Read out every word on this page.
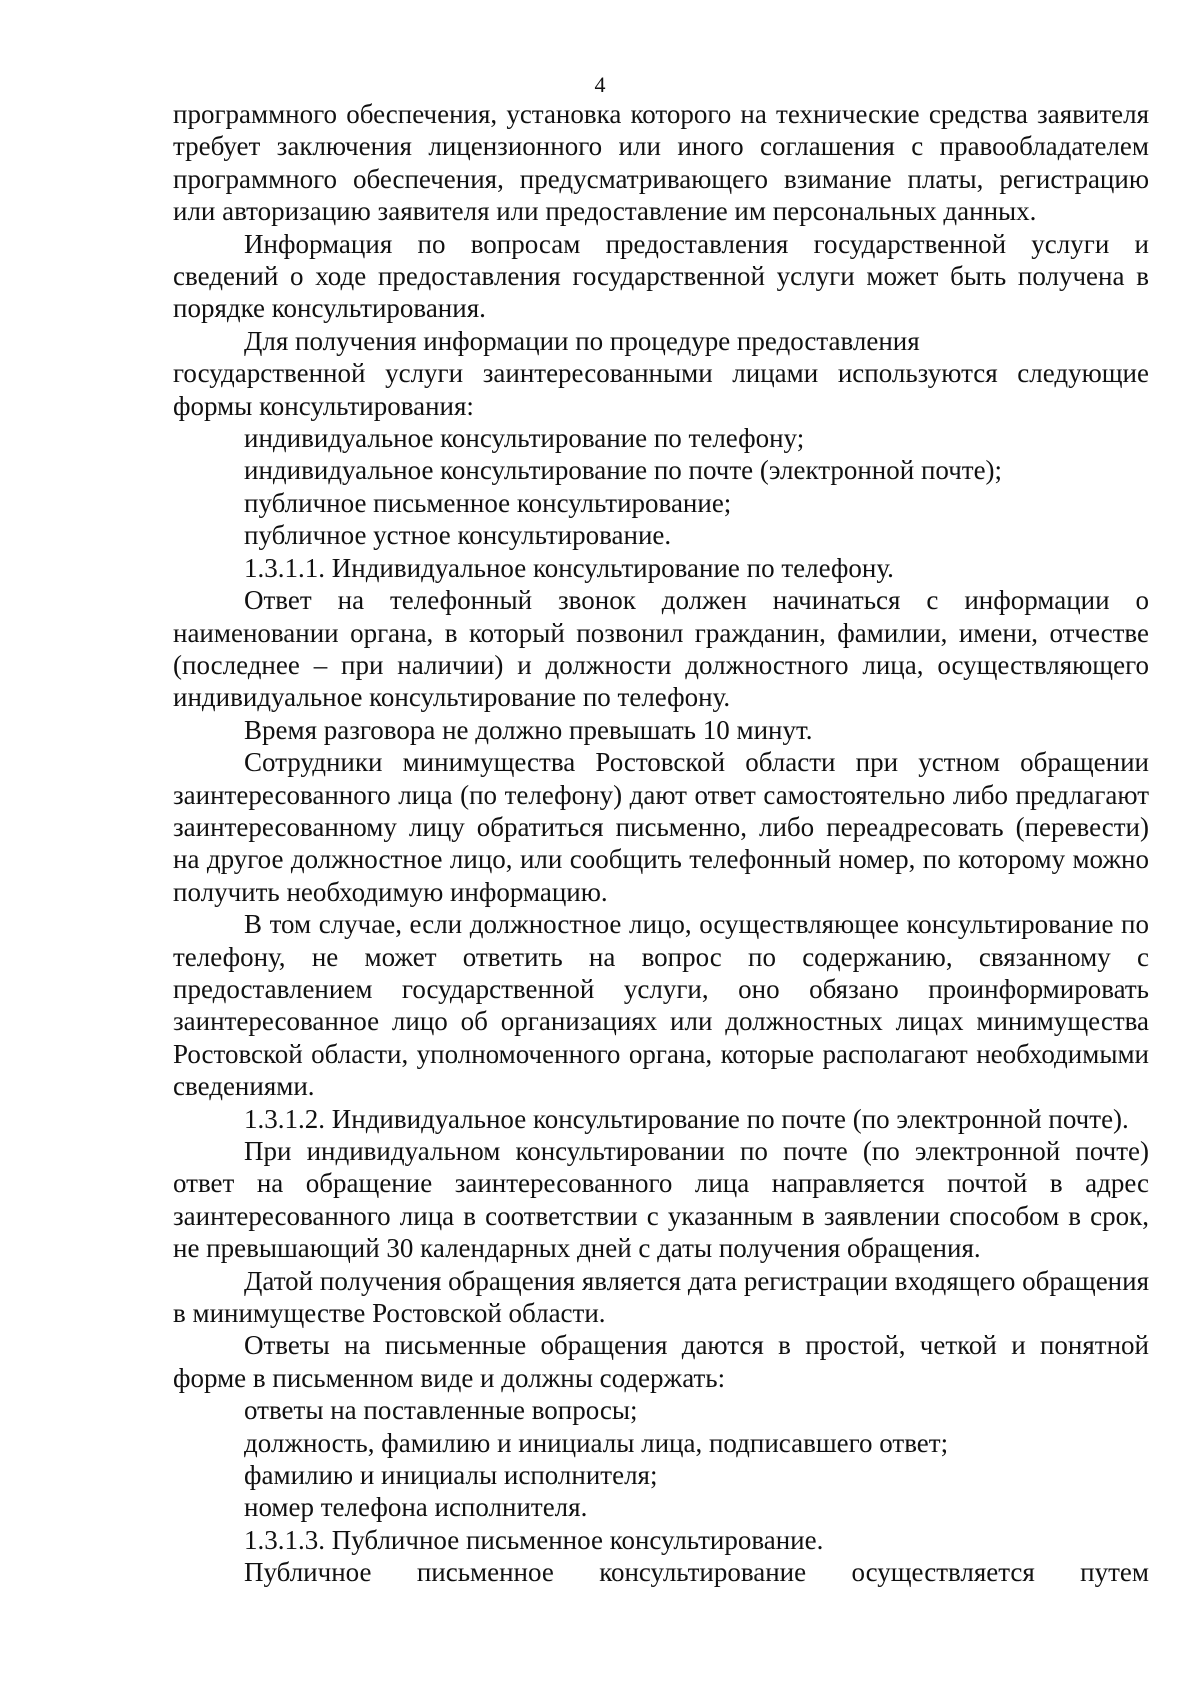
4

программного обеспечения, установка которого на технические средства заявителя требует заключения лицензионного или иного соглашения с правообладателем программного обеспечения, предусматривающего взимание платы, регистрацию или авторизацию заявителя или предоставление им персональных данных.

Информация по вопросам предоставления государственной услуги и сведений о ходе предоставления государственной услуги может быть получена в порядке консультирования.

Для получения информации по процедуре предоставления

государственной услуги заинтересованными лицами используются следующие формы консультирования:

индивидуальное консультирование по телефону;

индивидуальное консультирование по почте (электронной почте);

публичное письменное консультирование;

публичное устное консультирование.

1.3.1.1. Индивидуальное консультирование по телефону.

Ответ на телефонный звонок должен начинаться с информации о наименовании органа, в который позвонил гражданин, фамилии, имени, отчестве (последнее – при наличии) и должности должностного лица, осуществляющего индивидуальное консультирование по телефону.

Время разговора не должно превышать 10 минут.

Сотрудники минимущества Ростовской области при устном обращении заинтересованного лица (по телефону) дают ответ самостоятельно либо предлагают заинтересованному лицу обратиться письменно, либо переадресовать (перевести) на другое должностное лицо, или сообщить телефонный номер, по которому можно получить необходимую информацию.

В том случае, если должностное лицо, осуществляющее консультирование по телефону, не может ответить на вопрос по содержанию, связанному с предоставлением государственной услуги, оно обязано проинформировать заинтересованное лицо об организациях или должностных лицах минимущества Ростовской области, уполномоченного органа, которые располагают необходимыми сведениями.

1.3.1.2. Индивидуальное консультирование по почте (по электронной почте).

При индивидуальном консультировании по почте (по электронной почте) ответ на обращение заинтересованного лица направляется почтой в адрес заинтересованного лица в соответствии с указанным в заявлении способом в срок, не превышающий 30 календарных дней с даты получения обращения.

Датой получения обращения является дата регистрации входящего обращения в минимуществе Ростовской области.

Ответы на письменные обращения даются в простой, четкой и понятной форме в письменном виде и должны содержать:

ответы на поставленные вопросы;

должность, фамилию и инициалы лица, подписавшего ответ;

фамилию и инициалы исполнителя;

номер телефона исполнителя.

1.3.1.3. Публичное письменное консультирование.

Публичное письменное консультирование осуществляется путем
